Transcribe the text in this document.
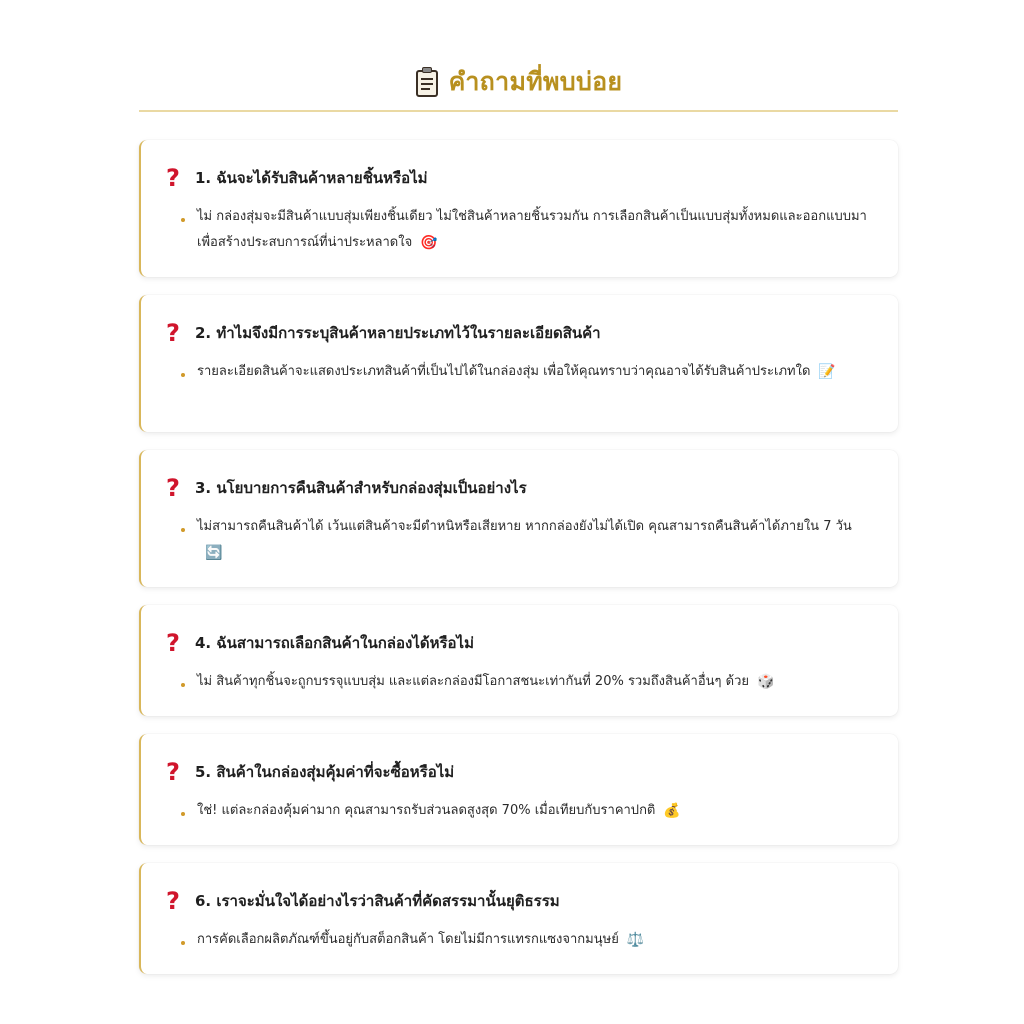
คำถามที่พบบ่อย
? 1. ฉันจะได้รับสินค้าหลายชิ้นหรือไม่
ไม่ กล่องสุ่มจะมีสินค้าแบบสุ่มเพียงชิ้นเดียว ไม่ใช่สินค้าหลายชิ้นรวมกัน การเลือกสินค้าเป็นแบบสุ่มทั้งหมดและออกแบบมาเพื่อสร้างประสบการณ์ที่น่าประหลาดใจ 🎯
? 2. ทำไมจึงมีการระบุสินค้าหลายประเภทไว้ในรายละเอียดสินค้า
รายละเอียดสินค้าจะแสดงประเภทสินค้าที่เป็นไปได้ในกล่องสุ่ม เพื่อให้คุณทราบว่าคุณอาจได้รับสินค้าประเภทใด 📝
? 3. นโยบายการคืนสินค้าสำหรับกล่องสุ่มเป็นอย่างไร
ไม่สามารถคืนสินค้าได้ เว้นแต่สินค้าจะมีตำหนิหรือเสียหาย หากกล่องยังไม่ได้เปิด คุณสามารถคืนสินค้าได้ภายใน 7 วัน🔄
? 4. ฉันสามารถเลือกสินค้าในกล่องได้หรือไม่
ไม่ สินค้าทุกชิ้นจะถูกบรรจุแบบสุ่ม และแต่ละกล่องมีโอกาสชนะเท่ากันที่ 20% รวมถึงสินค้าอื่นๆ ด้วย 🎲
? 5. สินค้าในกล่องสุ่มคุ้มค่าที่จะซื้อหรือไม่
ใช่! แต่ละกล่องคุ้มค่ามาก คุณสามารถรับส่วนลดสูงสุด 70% เมื่อเทียบกับราคาปกติ 💰
? 6. เราจะมั่นใจได้อย่างไรว่าสินค้าที่คัดสรรมานั้นยุติธรรม
การคัดเลือกผลิตภัณฑ์ขึ้นอยู่กับสต็อกสินค้า โดยไม่มีการแทรกแซงจากมนุษย์ ⚖️
